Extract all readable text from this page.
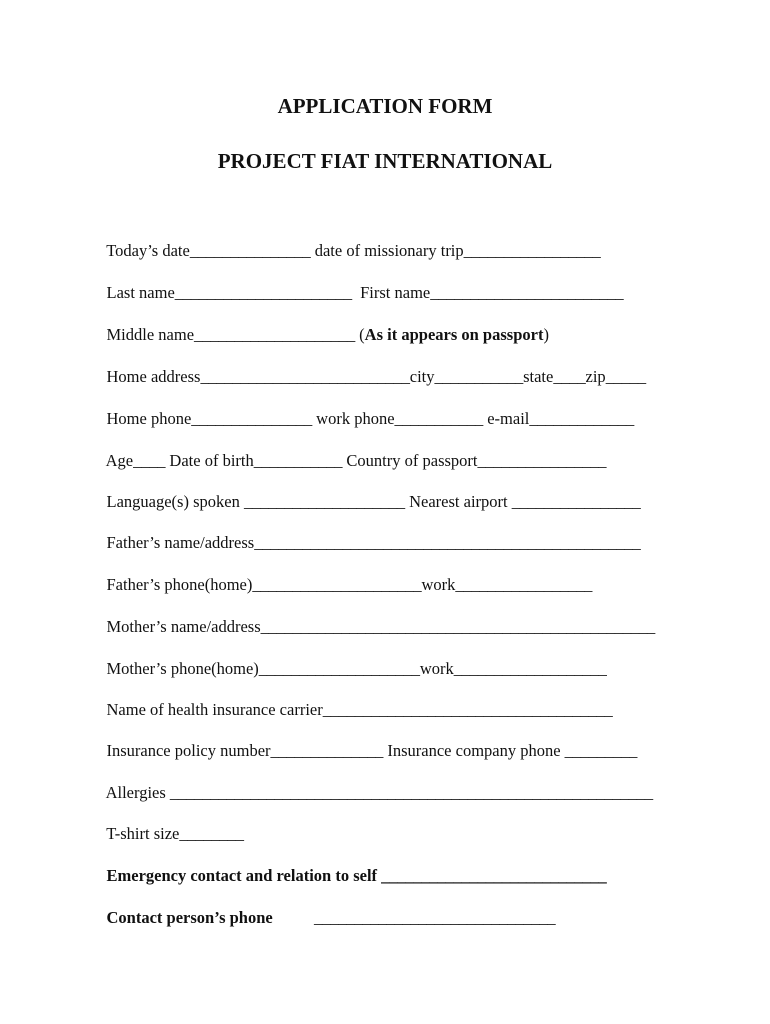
APPLICATION FORM
PROJECT FIAT INTERNATIONAL

Today’s date_______________ date of missionary trip_________________

Last name______________________  First name________________________

Middle name____________________ (As it appears on passport)

Home address__________________________city___________state____zip_____

Home phone_______________ work phone___________ e-mail_____________

Age____ Date of birth___________ Country of passport________________

Language(s) spoken ____________________ Nearest airport ________________

Father’s name/address________________________________________________

Father’s phone(home)_____________________work_________________

Mother’s name/address_________________________________________________

Mother’s phone(home)____________________work___________________

Name of health insurance carrier____________________________________

Insurance policy number______________ Insurance company phone _________

Allergies ____________________________________________________________

T-shirt size________

Emergency contact and relation to self ____________________________

Contact person’s phone	______________________________
